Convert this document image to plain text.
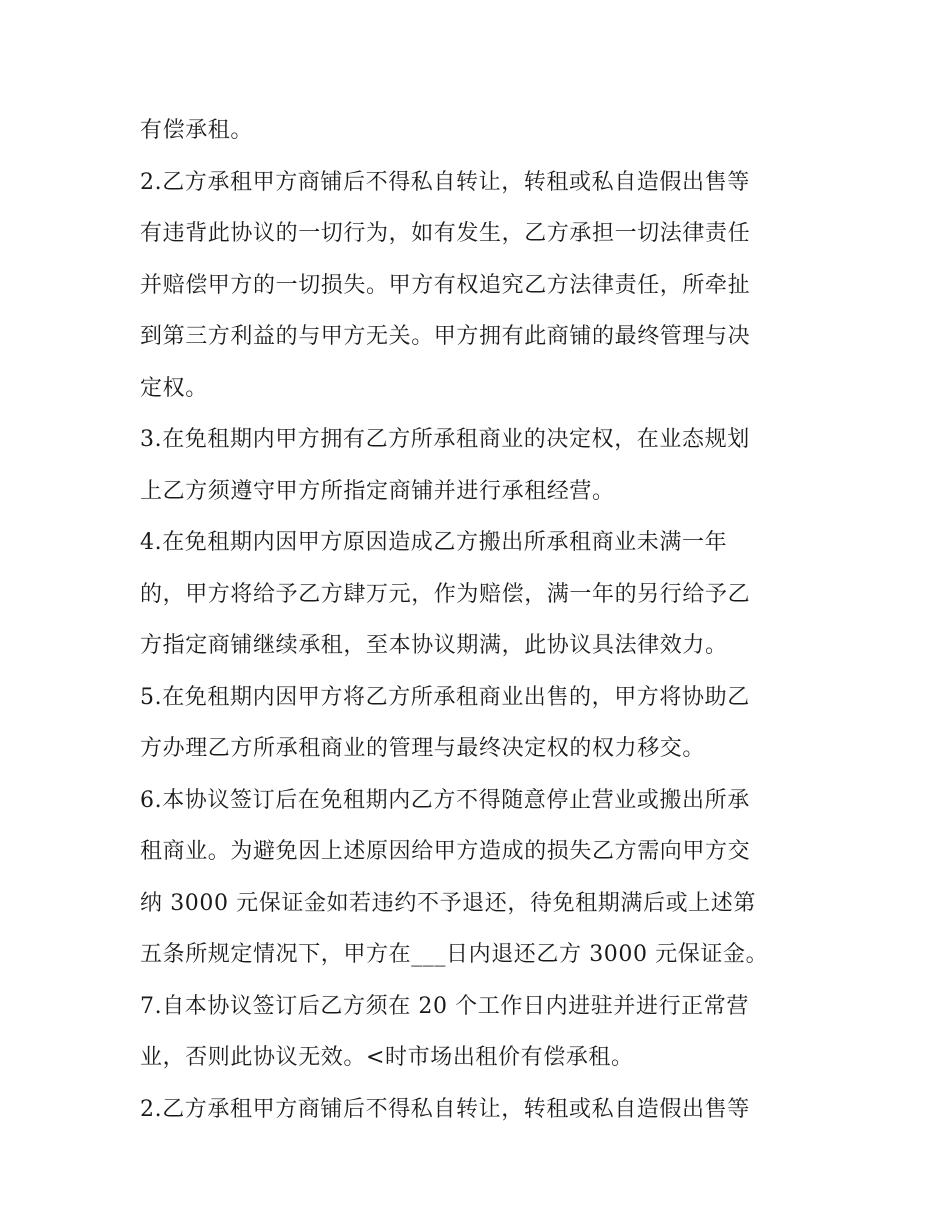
有偿承租。
2.乙方承租甲方商铺后不得私自转让，转租或私自造假出售等
有违背此协议的一切行为，如有发生，乙方承担一切法律责任
并赔偿甲方的一切损失。甲方有权追究乙方法律责任，所牵扯
到第三方利益的与甲方无关。甲方拥有此商铺的最终管理与决
定权。
3.在免租期内甲方拥有乙方所承租商业的决定权，在业态规划
上乙方须遵守甲方所指定商铺并进行承租经营。
4.在免租期内因甲方原因造成乙方搬出所承租商业未满一年
的，甲方将给予乙方肆万元，作为赔偿，满一年的另行给予乙
方指定商铺继续承租，至本协议期满，此协议具法律效力。
5.在免租期内因甲方将乙方所承租商业出售的，甲方将协助乙
方办理乙方所承租商业的管理与最终决定权的权力移交。
6.本协议签订后在免租期内乙方不得随意停止营业或搬出所承
租商业。为避免因上述原因给甲方造成的损失乙方需向甲方交
纳 3000 元保证金如若违约不予退还，待免租期满后或上述第
五条所规定情况下，甲方在___日内退还乙方 3000 元保证金。
7.自本协议签订后乙方须在 20 个工作日内进驻并进行正常营
业，否则此协议无效。<时市场出租价有偿承租。
2.乙方承租甲方商铺后不得私自转让，转租或私自造假出售等
